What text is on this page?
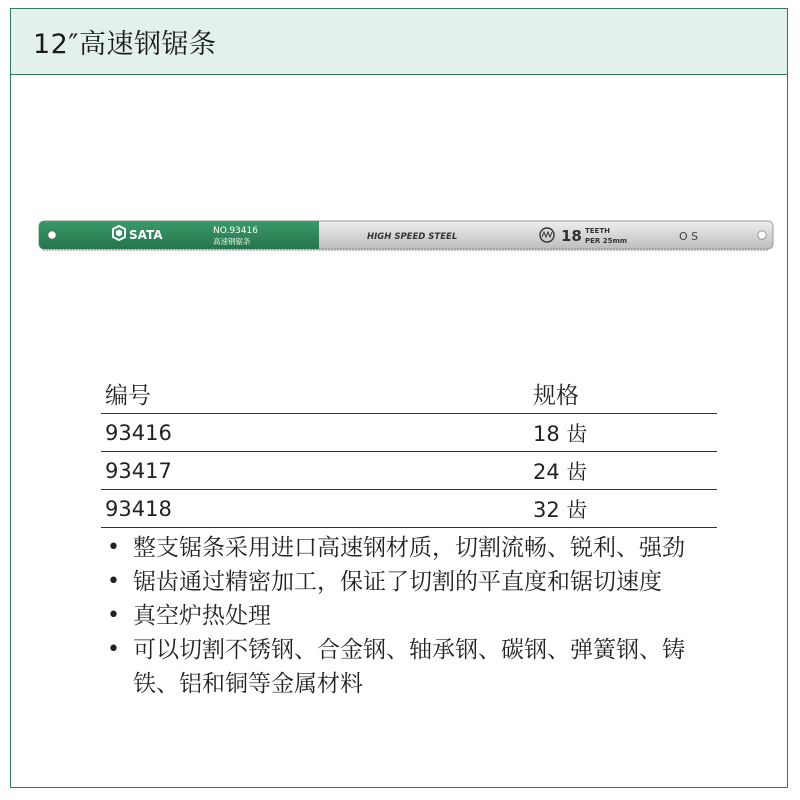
12″高速钢锯条
SATA	NO.93416
高速钢锯条	HIGH SPEED STEEL	18 TEETH
PER 25mm	O S
编号	规格
93416	18 齿
93417	24 齿
93418	32 齿
• 整支锯条采用进口高速钢材质，切割流畅、锐利、强劲
• 锯齿通过精密加工，保证了切割的平直度和锯切速度
• 真空炉热处理
• 可以切割不锈钢、合金钢、轴承钢、碳钢、弹簧钢、铸铁、铝和铜等金属材料
